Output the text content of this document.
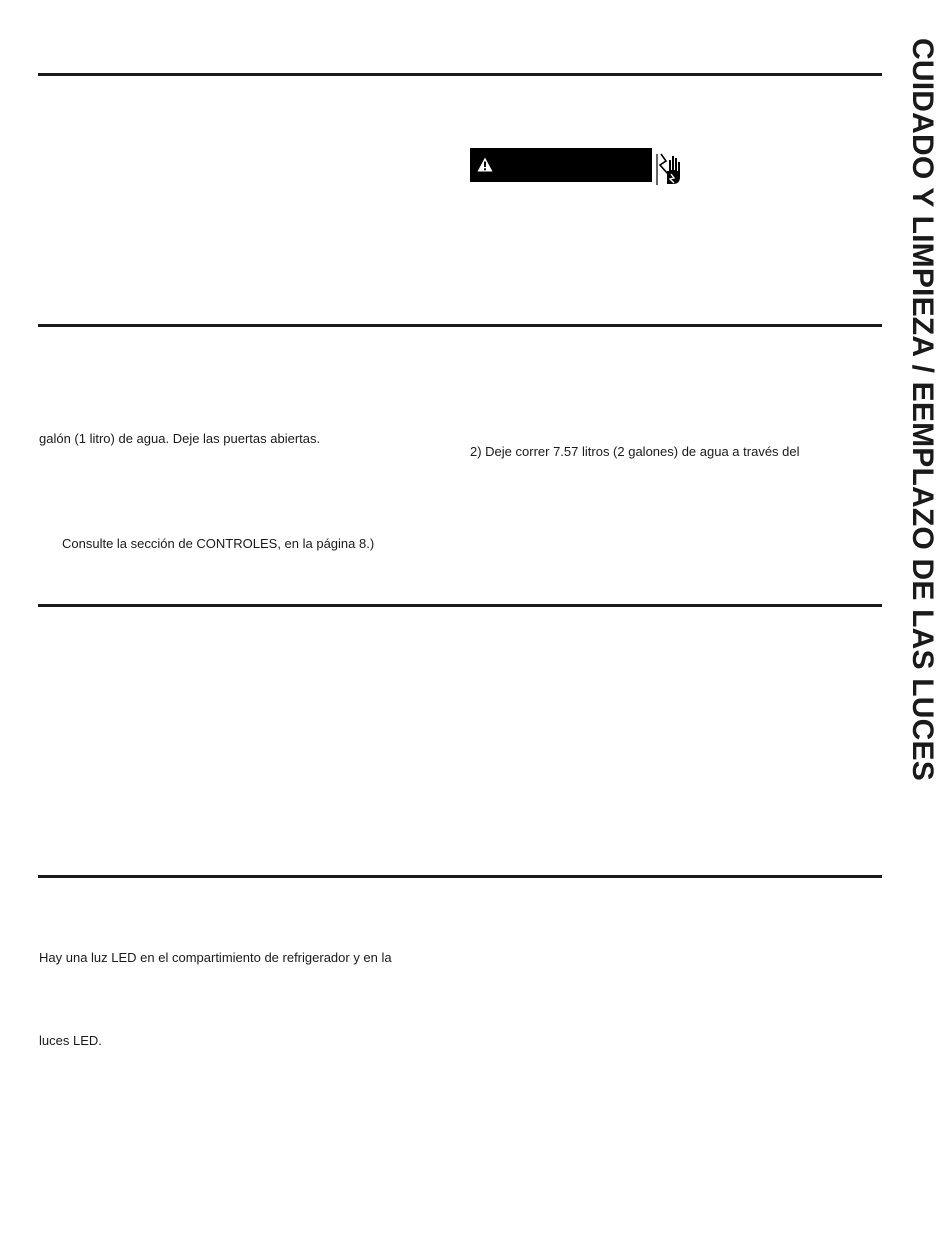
galón (1 litro) de agua. Deje las puertas abiertas.
Consulte la sección de CONTROLES, en la página 8.)
2) Deje correr 7.57 litros (2 galones) de agua a través del
Hay una luz LED en el compartimiento de refrigerador y en la
luces LED.
CUIDADO Y LIMPIEZA / EEMPLAZO DE LAS LUCES
